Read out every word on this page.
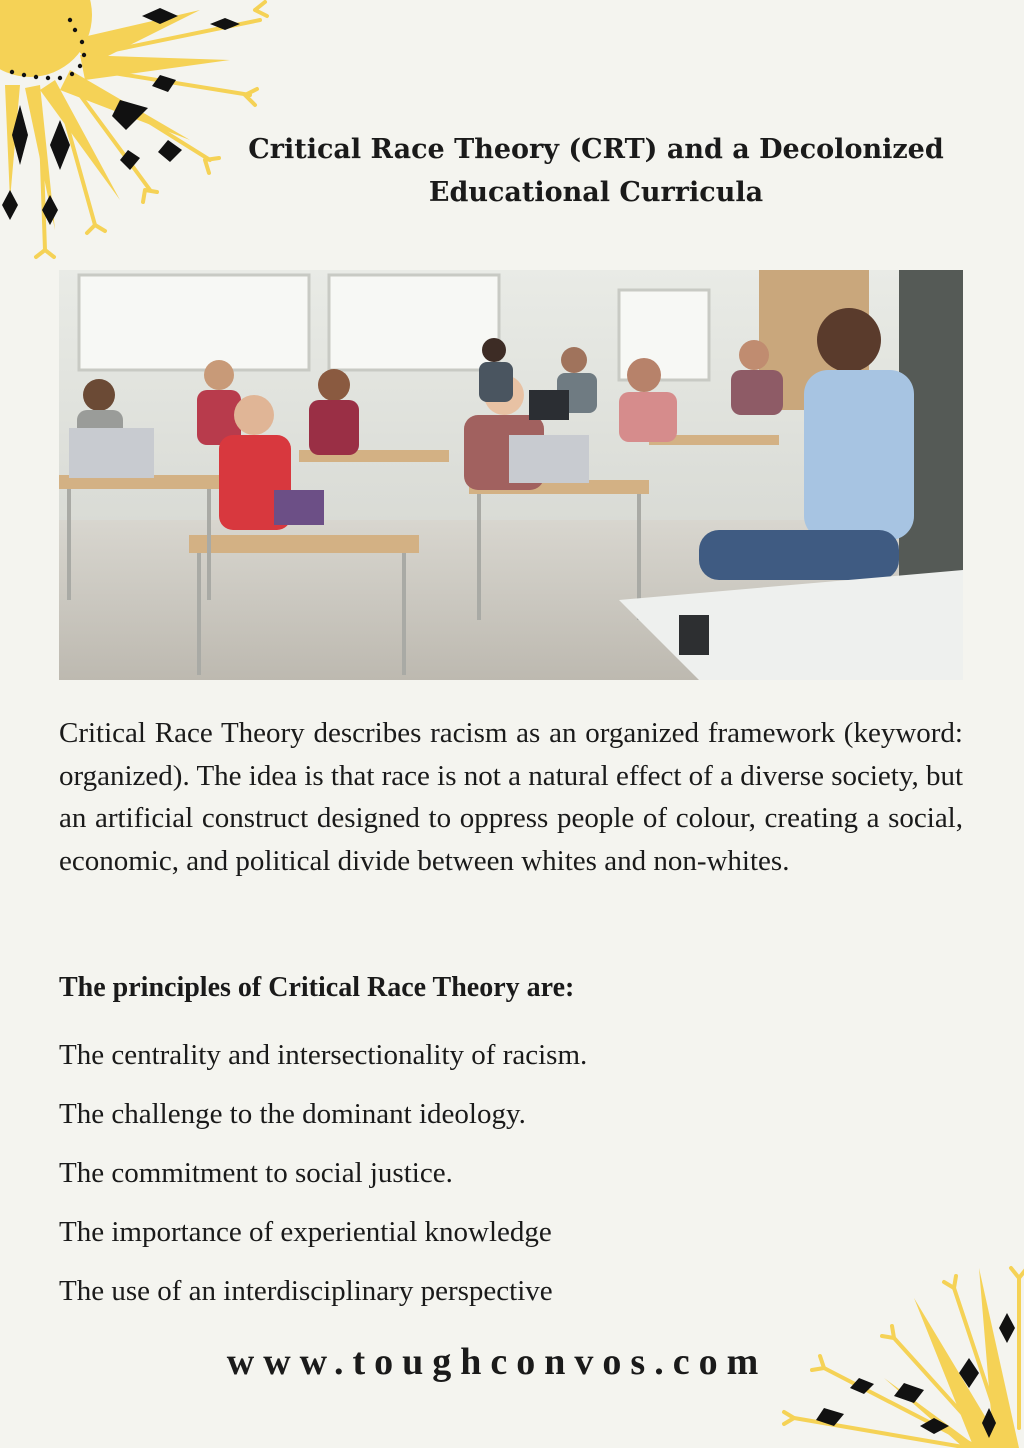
Critical Race Theory (CRT) and a Decolonized
Educational Curricula

Critical Race Theory describes racism as an organized framework (keyword: organized). The idea is that race is not a natural effect of a diverse society, but an artificial construct designed to oppress people of colour, creating a social, economic, and political divide between whites and non-whites.

The principles of Critical Race Theory are:
The centrality and intersectionality of racism.
The challenge to the dominant ideology.
The commitment to social justice.
The importance of experiential knowledge
The use of an interdisciplinary perspective
www.toughconvos.com
